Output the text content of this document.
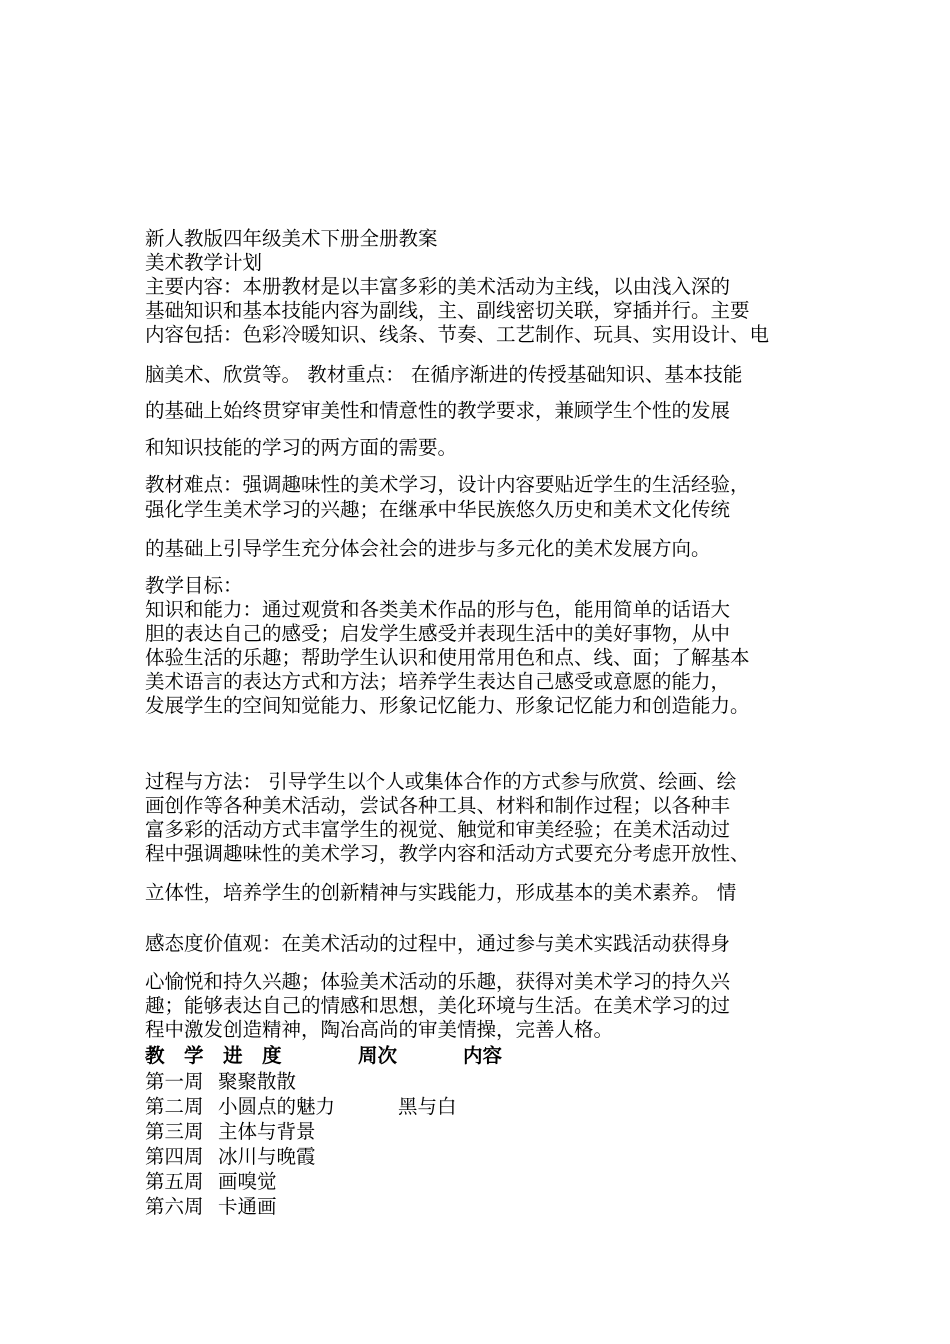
新人教版四年级美术下册全册教案
美术教学计划
主要内容：本册教材是以丰富多彩的美术活动为主线，以由浅入深的
基础知识和基本技能内容为副线，主、副线密切关联，穿插并行。主要
内容包括：色彩冷暖知识、线条、节奏、工艺制作、玩具、实用设计、电
脑美术、欣赏等。 教材重点： 在循序渐进的传授基础知识、基本技能
的基础上始终贯穿审美性和情意性的教学要求，兼顾学生个性的发展
和知识技能的学习的两方面的需要。
教材难点：强调趣味性的美术学习，设计内容要贴近学生的生活经验，
强化学生美术学习的兴趣；在继承中华民族悠久历史和美术文化传统
的基础上引导学生充分体会社会的进步与多元化的美术发展方向。
教学目标：
知识和能力：通过观赏和各类美术作品的形与色，能用简单的话语大
胆的表达自己的感受；启发学生感受并表现生活中的美好事物，从中
体验生活的乐趣；帮助学生认识和使用常用色和点、线、面；了解基本
美术语言的表达方式和方法；培养学生表达自己感受或意愿的能力，
发展学生的空间知觉能力、形象记忆能力、形象记忆能力和创造能力。
过程与方法： 引导学生以个人或集体合作的方式参与欣赏、绘画、绘
画创作等各种美术活动，尝试各种工具、材料和制作过程；以各种丰
富多彩的活动方式丰富学生的视觉、触觉和审美经验；在美术活动过
程中强调趣味性的美术学习，教学内容和活动方式要充分考虑开放性、
立体性，培养学生的创新精神与实践能力，形成基本的美术素养。 情
感态度价值观：在美术活动的过程中，通过参与美术实践活动获得身
心愉悦和持久兴趣；体验美术活动的乐趣，获得对美术学习的持久兴
趣；能够表达自己的情感和思想，美化环境与生活。在美术学习的过
程中激发创造精神，陶冶高尚的审美情操，完善人格。
教　学　进　度	周次	内容
第一周 聚聚散散
第二周 小圆点的魅力	黑与白
第三周 主体与背景
第四周 冰川与晚霞
第五周 画嗅觉
第六周 卡通画
